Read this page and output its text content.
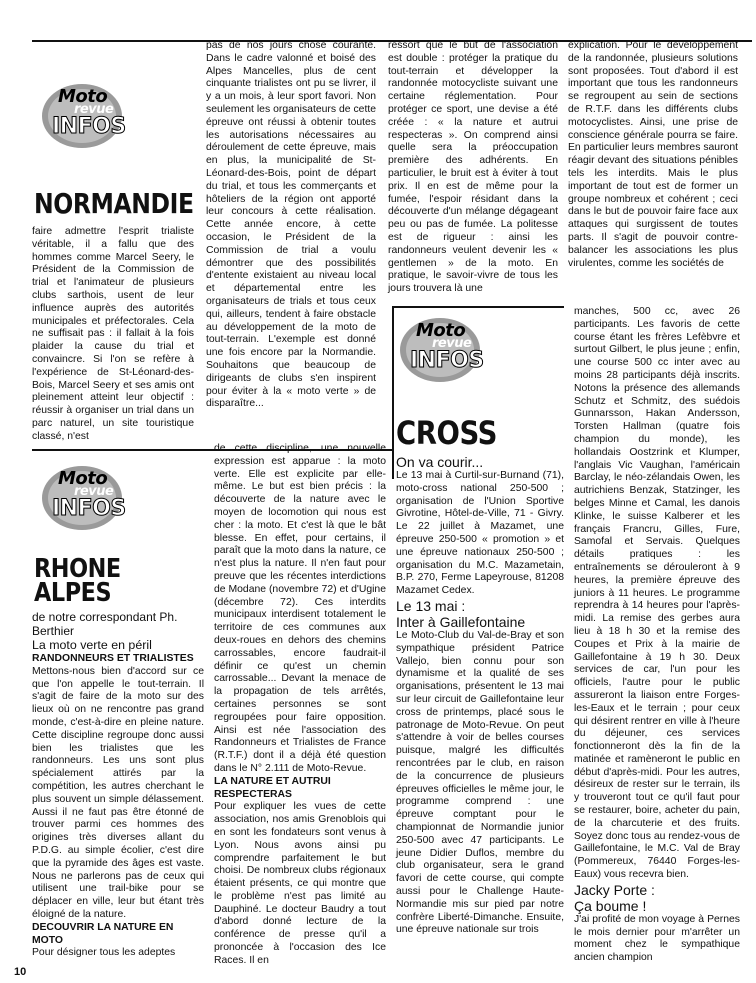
Moto
revue
INFOS
NORMANDIE

faire admettre l'esprit trialiste véritable, il a fallu que des hommes comme Marcel Seery, le Président de la Commission de trial et l'animateur de plusieurs clubs sarthois, usent de leur influence auprès des autorités municipales et préfectorales. Cela ne suffisait pas : il fallait à la fois plaider la cause du trial et convaincre. Si l'on se refère à l'expérience de St-Léonard-des-Bois, Marcel Seery et ses amis ont pleinement atteint leur objectif : réussir à organiser un trial dans un parc naturel, un site touristique classé, n'est

pas de nos jours chose courante. Dans le cadre valonné et boisé des Alpes Mancelles, plus de cent cinquante trialistes ont pu se livrer, il y a un mois, à leur sport favori. Non seulement les organisateurs de cette épreuve ont réussi à obtenir toutes les autorisations nécessaires au déroulement de cette épreuve, mais en plus, la municipalité de St-Léonard-des-Bois, point de départ du trial, et tous les commerçants et hôteliers de la région ont apporté leur concours à cette réalisation. Cette année encore, à cette occasion, le Président de la Commission de trial a voulu démontrer que des possibilités d'entente existaient au niveau local et départemental entre les organisateurs de trials et tous ceux qui, ailleurs, tendent à faire obstacle au développement de la moto de tout-terrain. L'exemple est donné une fois encore par la Normandie. Souhaitons que beaucoup de dirigeants de clubs s'en inspirent pour éviter à la « moto verte » de disparaître...

ressort que le but de l'association est double : protéger la pratique du tout-terrain et développer la randonnée motocycliste suivant une certaine réglementation. Pour protéger ce sport, une devise a été créée : « la nature et autrui respecteras ». On comprend ainsi quelle sera la préoccupation première des adhérents. En particulier, le bruit est à éviter à tout prix. Il en est de même pour la fumée, l'espoir résidant dans la découverte d'un mélange dégageant peu ou pas de fumée. La politesse est de rigueur : ainsi les randonneurs veulent devenir les « gentlemen » de la moto. En pratique, le savoir-vivre de tous les jours trouvera là une

explication. Pour le développement de la randonnée, plusieurs solutions sont proposées. Tout d'abord il est important que tous les randonneurs se regroupent au sein de sections de R.T.F. dans les différents clubs motocyclistes. Ainsi, une prise de conscience générale pourra se faire. En particulier leurs membres sauront réagir devant des situations pénibles tels les interdits. Mais le plus important de tout est de former un groupe nombreux et cohérent ; ceci dans le but de pouvoir faire face aux attaques qui surgissent de toutes parts. Il s'agit de pouvoir contre-balancer les associations les plus virulentes, comme les sociétés de

Moto
revue
INFOS
RHONE
ALPES

de notre correspondant Ph. Berthier

La moto verte en péril

RANDONNEURS ET TRIALISTES

Mettons-nous bien d'accord sur ce que l'on appelle le tout-terrain. Il s'agit de faire de la moto sur des lieux où on ne rencontre pas grand monde, c'est-à-dire en pleine nature. Cette discipline regroupe donc aussi bien les trialistes que les randonneurs. Les uns sont plus spécialement attirés par la compétition, les autres cherchant le plus souvent un simple délassement. Aussi il ne faut pas être étonné de trouver parmi ces hommes des origines très diverses allant du P.D.G. au simple écolier, c'est dire que la pyramide des âges est vaste. Nous ne parlerons pas de ceux qui utilisent une trail-bike pour se déplacer en ville, leur but étant très éloigné de la nature.

DECOUVRIR LA NATURE EN MOTO

Pour désigner tous les adeptes

de cette discipline, une nouvelle expression est apparue : la moto verte. Elle est explicite par elle-même. Le but est bien précis : la découverte de la nature avec le moyen de locomotion qui nous est cher : la moto. Et c'est là que le bât blesse. En effet, pour certains, il paraît que la moto dans la nature, ce n'est plus la nature. Il n'en faut pour preuve que les récentes interdictions de Modane (novembre 72) et d'Ugine (décembre 72). Ces interdits municipaux interdisent totalement le territoire de ces communes aux deux-roues en dehors des chemins carrossables, encore faudrait-il définir ce qu'est un chemin carrossable... Devant la menace de la propagation de tels arrêtés, certaines personnes se sont regroupées pour faire opposition. Ainsi est née l'association des Randonneurs et Trialistes de France (R.T.F.) dont il a déjà été question dans le N° 2.111 de Moto-Revue.

LA NATURE ET AUTRUI RESPECTERAS

Pour expliquer les vues de cette association, nos amis Grenoblois qui en sont les fondateurs sont venus à Lyon. Nous avons ainsi pu comprendre parfaitement le but choisi. De nombreux clubs régionaux étaient présents, ce qui montre que le problème n'est pas limité au Dauphiné. Le docteur Baudry a tout d'abord donné lecture de la conférence de presse qu'il a prononcée à l'occasion des Ice Races. Il en

10
Moto
revue
INFOS
CROSS

On va courir...

Le 13 mai à Curtil-sur-Burnand (71), moto-cross national 250-500 ; organisation de l'Union Sportive Givrotine, Hôtel-de-Ville, 71 - Givry. Le 22 juillet à Mazamet, une épreuve 250-500 « promotion » et une épreuve nationaux 250-500 ; organisation du M.C. Mazametain, B.P. 270, Ferme Lapeyrouse, 81208 Mazamet Cedex.

Le 13 mai :

Inter à Gaillefontaine

Le Moto-Club du Val-de-Bray et son sympathique président Patrice Vallejo, bien connu pour son dynamisme et la qualité de ses organisations, présentent le 13 mai sur leur circuit de Gaillefontaine leur cross de printemps, placé sous le patronage de Moto-Revue. On peut s'attendre à voir de belles courses puisque, malgré les difficultés rencontrées par le club, en raison de la concurrence de plusieurs épreuves officielles le même jour, le programme comprend : une épreuve comptant pour le championnat de Normandie junior 250-500 avec 47 participants. Le jeune Didier Duflos, membre du club organisateur, sera le grand favori de cette course, qui compte aussi pour le Challenge Haute-Normandie mis sur pied par notre confrère Liberté-Dimanche. Ensuite, une épreuve nationale sur trois

manches, 500 cc, avec 26 participants. Les favoris de cette course étant les frères Lefèbvre et surtout Gilbert, le plus jeune ; enfin, une course 500 cc inter avec au moins 28 participants déjà inscrits. Notons la présence des allemands Schutz et Schmitz, des suédois Gunnarsson, Hakan Andersson, Torsten Hallman (quatre fois champion du monde), les hollandais Oostzrink et Klumper, l'anglais Vic Vaughan, l'américain Barclay, le néo-zélandais Owen, les autrichiens Benzak, Statzinger, les belges Minne et Camal, les danois Klinke, le suisse Kalberer et les français Francru, Gilles, Fure, Samofal et Servais. Quelques détails pratiques : les entraînements se dérouleront à 9 heures, la première épreuve des juniors à 11 heures. Le programme reprendra à 14 heures pour l'après-midi. La remise des gerbes aura lieu à 18 h 30 et la remise des Coupes et Prix à la mairie de Gaillefontaine à 19 h 30. Deux services de car, l'un pour les officiels, l'autre pour le public assureront la liaison entre Forges-les-Eaux et le terrain ; pour ceux qui désirent rentrer en ville à l'heure du déjeuner, ces services fonctionneront dès la fin de la matinée et ramèneront le public en début d'après-midi. Pour les autres, désireux de rester sur le terrain, ils y trouveront tout ce qu'il faut pour se restaurer, boire, acheter du pain, de la charcuterie et des fruits. Soyez donc tous au rendez-vous de Gaillefontaine, le M.C. Val de Bray (Pommereux, 76440 Forges-les-Eaux) vous recevra bien.

Jacky Porte :

Ça boume !

J'ai profité de mon voyage à Pernes le mois dernier pour m'arrêter un moment chez le sympathique ancien champion
